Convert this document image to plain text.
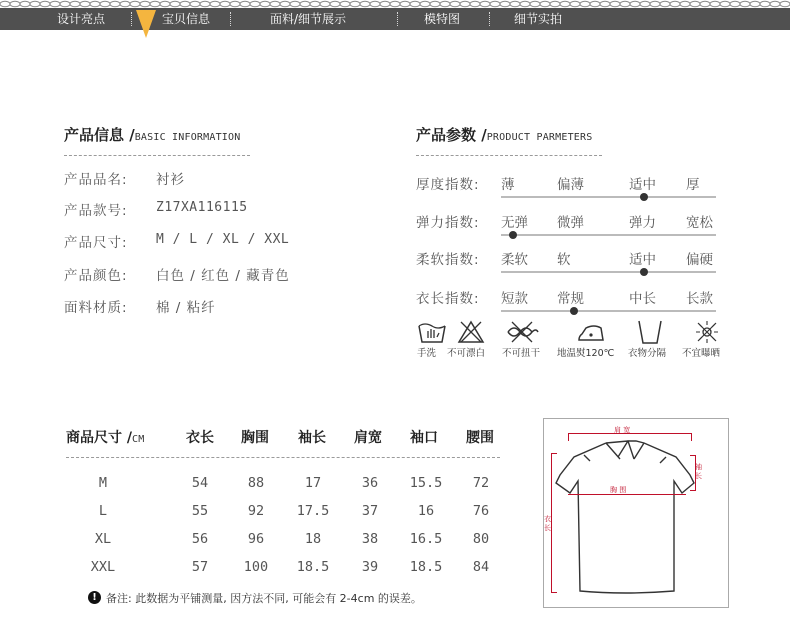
设计亮点	宝贝信息	面料/细节展示	模特图	细节实拍
产品信息 /BASIC INFORMATION
产品品名: 衬衫
产品款号: Z17XA116115
产品尺寸: M / L / XL / XXL
产品颜色: 白色 / 红色 / 藏青色
面料材质: 棉 / 粘纤
产品参数 /PRODUCT PARMETERS
厚度指数: 薄	偏薄	适中 厚
弹力指数: 无弹 微弹	弹力 宽松
柔软指数: 柔软 软	适中 偏硬
衣长指数: 短款 常规	中长 长款
手洗 不可漂白 不可扭干 地温熨120℃ 衣物分隔 不宜曝晒
商品尺寸 /CM	衣长 胸围 袖长 肩宽 袖口 腰围
M	54	88	17	36	15.5	72
L	55	92	17.5	37	16	76
XL	56	96	18	38	16.5	80
XXL	57	100	18.5	39	18.5	84
! 备注: 此数据为平铺测量, 因方法不同, 可能会有 2-4cm 的误差。
肩 宽
胸 围
袖 长
衣 长
